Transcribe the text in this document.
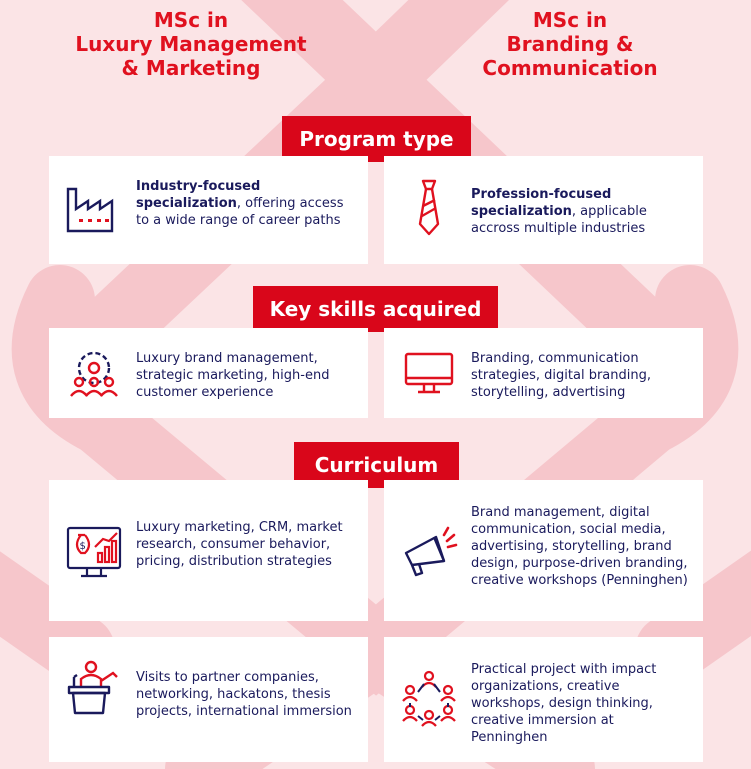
MSc in
Luxury Management
& Marketing
MSc in
Branding &
Communication
Program type
Industry-focused specialization, offering access to a wide range of career paths
Profession-focused specialization, applicable accross multiple industries
Key skills acquired
Luxury brand management, strategic marketing, high-end customer experience
Branding, communication strategies, digital branding, storytelling, advertising
Curriculum
$
Luxury marketing, CRM, market research, consumer behavior, pricing, distribution strategies
Brand management, digital communication, social media, advertising, storytelling, brand design, purpose-driven branding, creative workshops (Penninghen)
Visits to partner companies, networking, hackatons, thesis projects, international immersion
Practical project with impact organizations, creative workshops, design thinking, creative immersion at Penninghen
